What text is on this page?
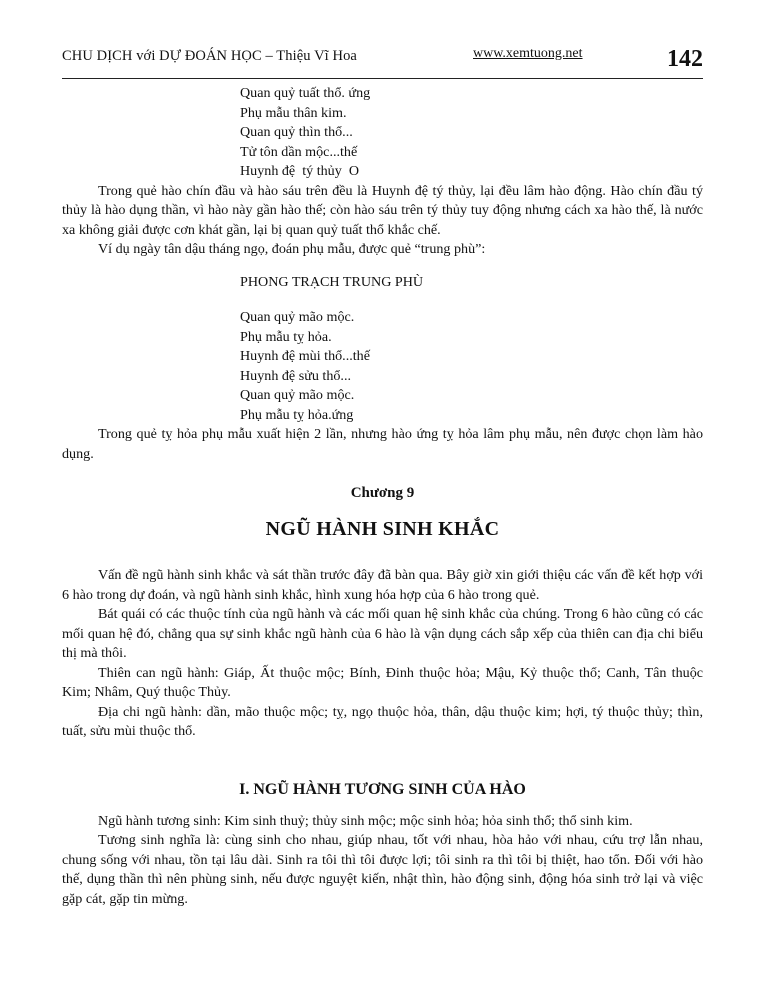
CHU DỊCH với DỰ ĐOÁN HỌC – Thiệu Vĩ Hoa	www.xemtuong.net	142
Quan quỷ tuất thổ. ứng
Phụ mẫu thân kim.
Quan quỷ thìn thổ...
Tử tôn dần mộc...thế
Huynh đệ  tý thủy  O

Trong quẻ hào chín đầu và hào sáu trên đều là Huynh đệ tý thủy, lại đều lâm hào động. Hào chín đầu tý thủy là hào dụng thần, vì hào này gần hào thế; còn hào sáu trên tý thủy tuy động nhưng cách xa hào thế, là nước xa không giải được cơn khát gần, lại bị quan quỷ tuất thổ khắc chế.

Ví dụ ngày tân dậu tháng ngọ, đoán phụ mẫu, được quẻ “trung phù”:

PHONG TRẠCH TRUNG PHÙ
Quan quỷ mão mộc.
Phụ mẫu tỵ hỏa.
Huynh đệ mùi thổ...thế
Huynh đệ sửu thổ...
Quan quỷ mão mộc.
Phụ mẫu tỵ hỏa.ứng

Trong quẻ tỵ hỏa phụ mẫu xuất hiện 2 lần, nhưng hào ứng tỵ hỏa lâm phụ mẫu, nên được chọn làm hào dụng.

Chương 9
NGŨ HÀNH SINH KHẮC

Vấn đề ngũ hành sinh khắc và sát thần trước đây đã bàn qua. Bây giờ xin giới thiệu các vấn đề kết hợp với 6 hào trong dự đoán, và ngũ hành sinh khắc, hình xung hóa hợp của 6 hào trong quẻ.

Bát quái có các thuộc tính của ngũ hành và các mối quan hệ sinh khắc của chúng. Trong 6 hào cũng có các mối quan hệ đó, chẳng qua sự sinh khắc ngũ hành của 6 hào là vận dụng cách sắp xếp của thiên can địa chi biểu thị mà thôi.

Thiên can ngũ hành: Giáp, Ất thuộc mộc; Bính, Đinh thuộc hỏa; Mậu, Kỷ thuộc thổ; Canh, Tân thuộc Kim; Nhâm, Quý thuộc Thủy.

Địa chi ngũ hành: dần, mão thuộc mộc; tỵ, ngọ thuộc hỏa, thân, dậu thuộc kim; hợi, tý thuộc thủy; thìn, tuất, sửu mùi thuộc thổ.

I. NGŨ HÀNH TƯƠNG SINH CỦA HÀO

Ngũ hành tương sinh: Kim sinh thuỷ; thủy sinh mộc; mộc sinh hỏa; hỏa sinh thổ; thổ sinh kim.

Tương sinh nghĩa là: cùng sinh cho nhau, giúp nhau, tốt với nhau, hòa hảo với nhau, cứu trợ lẫn nhau, chung sống với nhau, tồn tại lâu dài. Sinh ra tôi thì tôi được lợi; tôi sinh ra thì tôi bị thiệt, hao tổn. Đối với hào thế, dụng thần thì nên phùng sinh, nếu được nguyệt kiến, nhật thìn, hào động sinh, động hóa sinh trở lại và việc gặp cát, gặp tin mừng.
